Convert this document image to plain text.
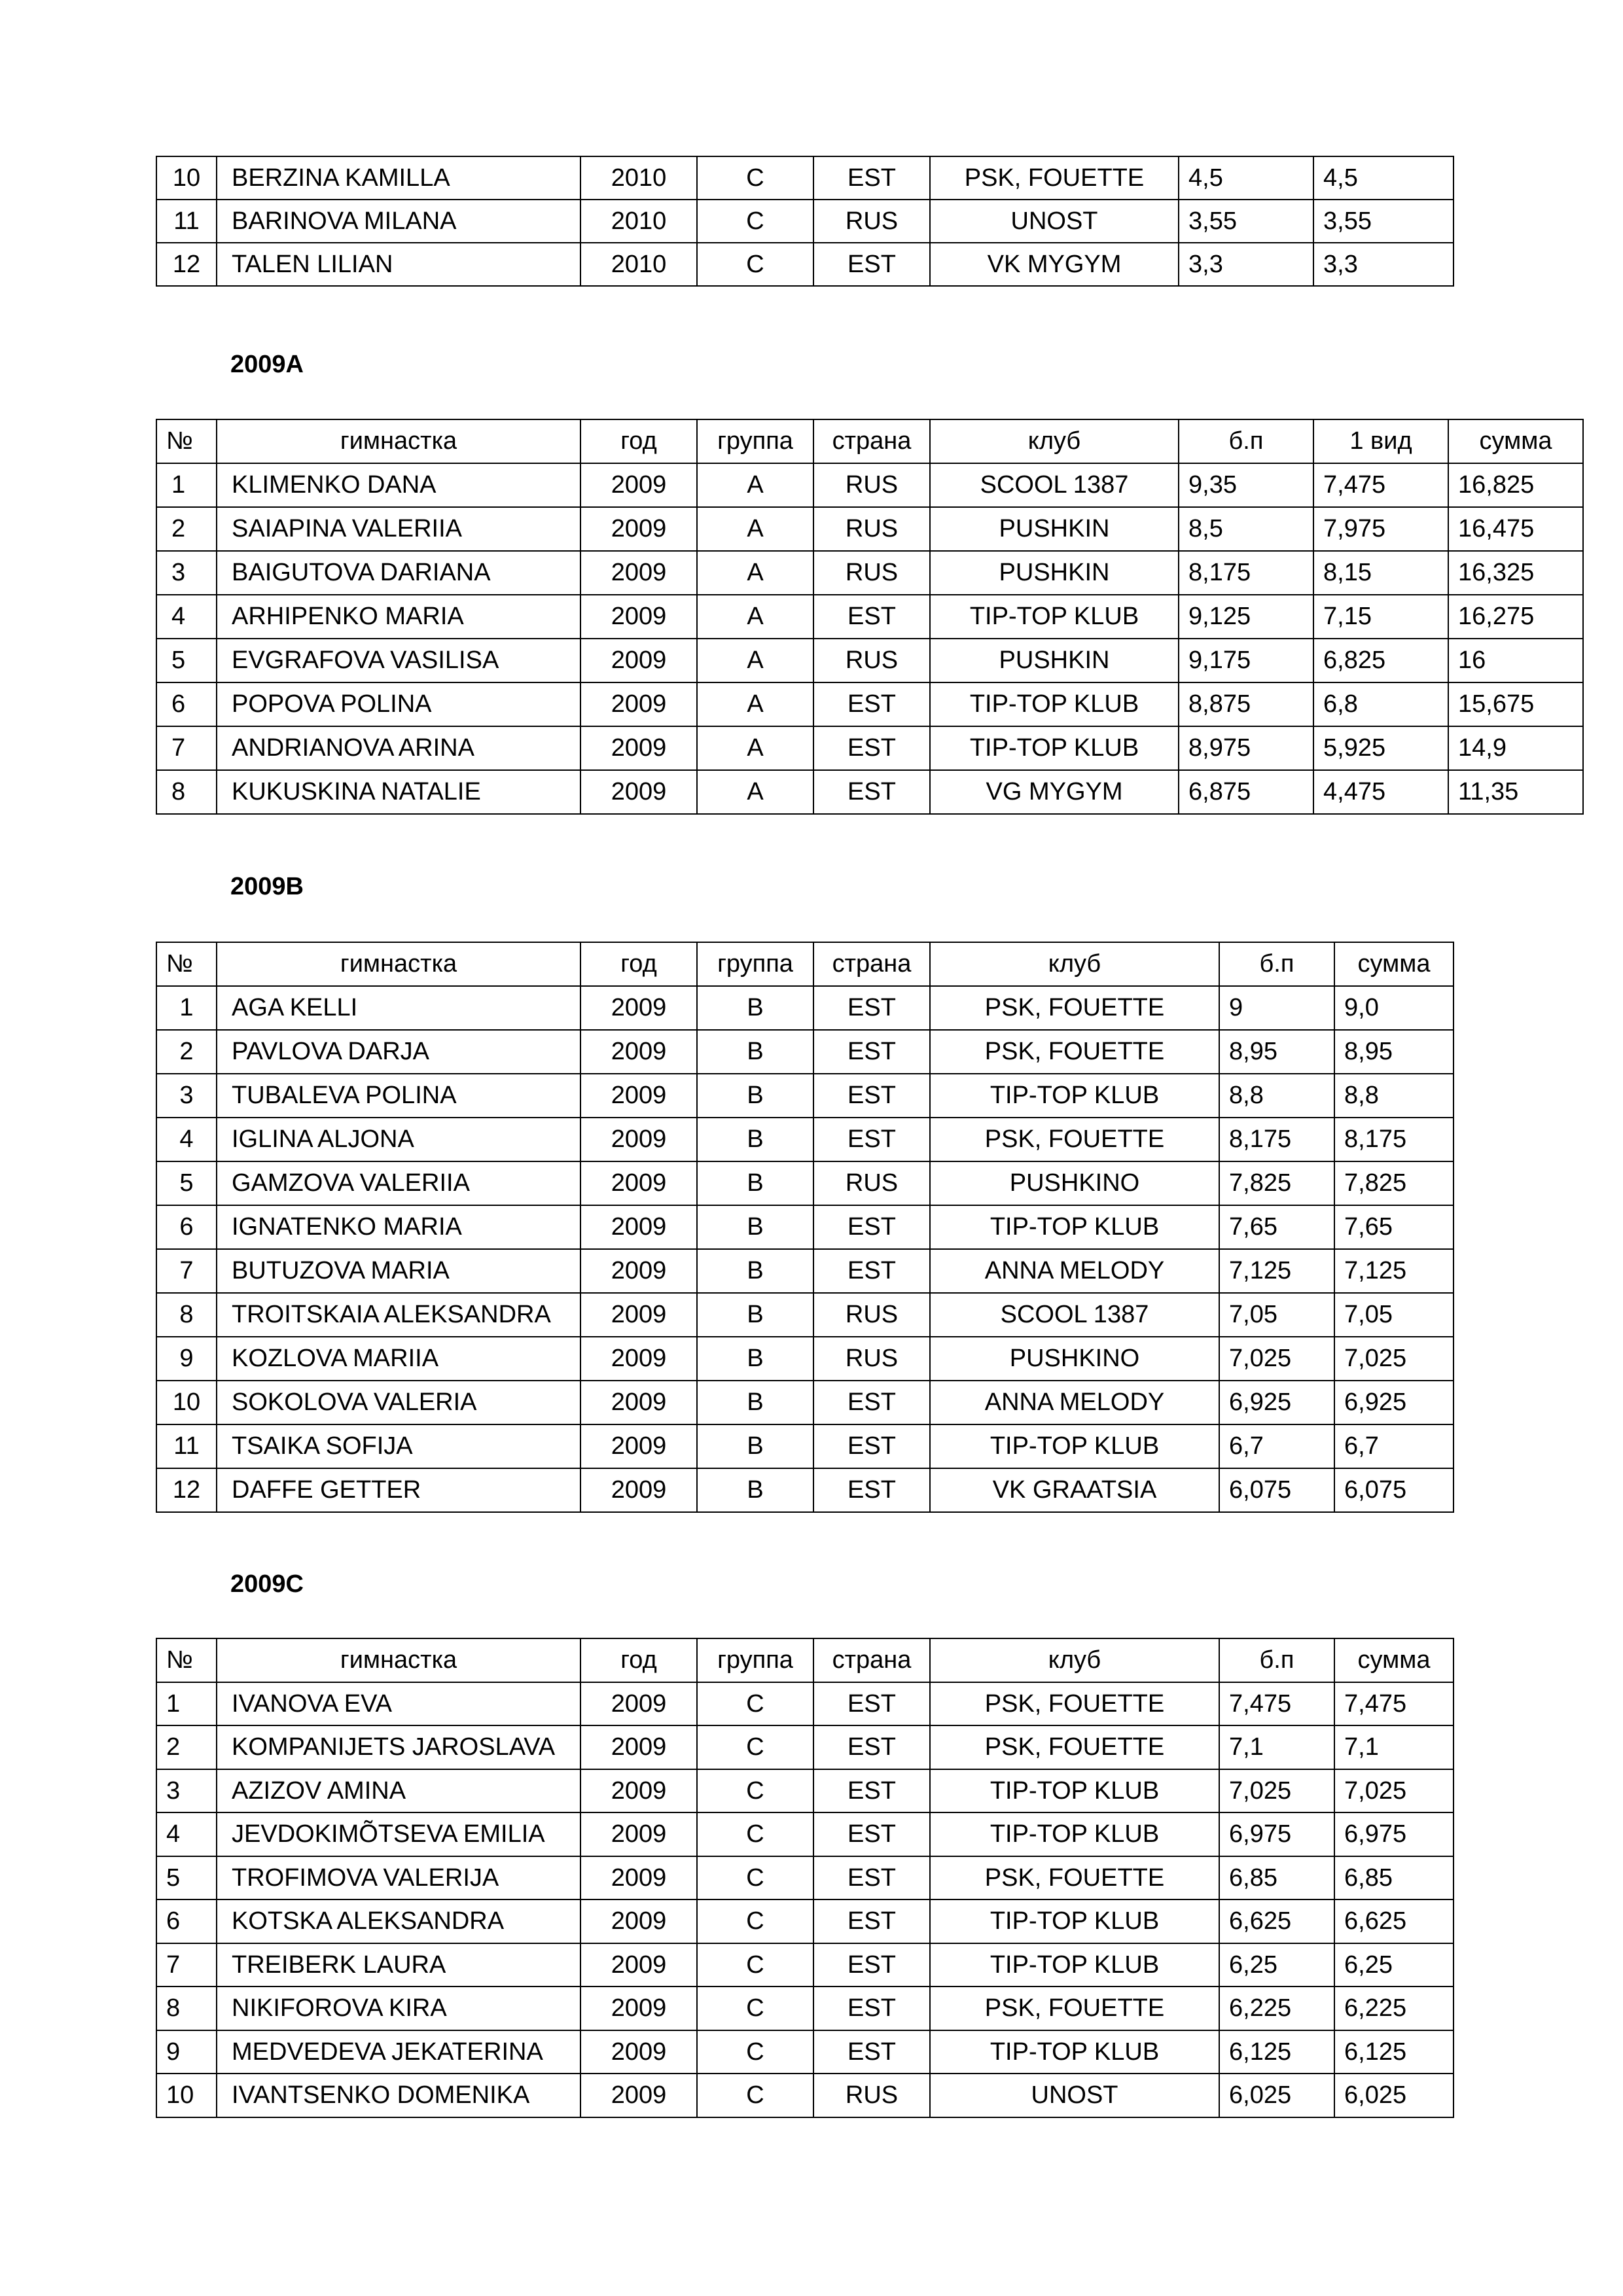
10	BERZINA KAMILLA	2010	C	EST	PSK, FOUETTE	4,5	4,5
11	BARINOVA MILANA	2010	C	RUS	UNOST	3,55	3,55
12	TALEN LILIAN	2010	C	EST	VK MYGYM	3,3	3,3
2009A
№	гимнастка	год	группа	страна	клуб	б.п	1 вид	сумма
1	KLIMENKO DANA	2009	A	RUS	SCOOL 1387	9,35	7,475	16,825
2	SAIAPINA VALERIIA	2009	A	RUS	PUSHKIN	8,5	7,975	16,475
3	BAIGUTOVA DARIANA	2009	A	RUS	PUSHKIN	8,175	8,15	16,325
4	ARHIPENKO MARIA	2009	A	EST	TIP-TOP KLUB	9,125	7,15	16,275
5	EVGRAFOVA VASILISA	2009	A	RUS	PUSHKIN	9,175	6,825	16
6	POPOVA POLINA	2009	A	EST	TIP-TOP KLUB	8,875	6,8	15,675
7	ANDRIANOVA ARINA	2009	A	EST	TIP-TOP KLUB	8,975	5,925	14,9
8	KUKUSKINA NATALIE	2009	A	EST	VG MYGYM	6,875	4,475	11,35
2009B
№	гимнастка	год	группа	страна	клуб	б.п	сумма
1	AGA KELLI	2009	B	EST	PSK, FOUETTE	9	9,0
2	PAVLOVA DARJA	2009	B	EST	PSK, FOUETTE	8,95	8,95
3	TUBALEVA POLINA	2009	B	EST	TIP-TOP KLUB	8,8	8,8
4	IGLINA ALJONA	2009	B	EST	PSK, FOUETTE	8,175	8,175
5	GAMZOVA VALERIIA	2009	B	RUS	PUSHKINO	7,825	7,825
6	IGNATENKO MARIA	2009	B	EST	TIP-TOP KLUB	7,65	7,65
7	BUTUZOVA MARIA	2009	B	EST	ANNA MELODY	7,125	7,125
8	TROITSKAIA ALEKSANDRA	2009	B	RUS	SCOOL 1387	7,05	7,05
9	KOZLOVA MARIIA	2009	B	RUS	PUSHKINO	7,025	7,025
10	SOKOLOVA VALERIA	2009	B	EST	ANNA MELODY	6,925	6,925
11	TSAIKA SOFIJA	2009	B	EST	TIP-TOP KLUB	6,7	6,7
12	DAFFE GETTER	2009	B	EST	VK GRAATSIA	6,075	6,075
2009C
№	гимнастка	год	группа	страна	клуб	б.п	сумма
1	IVANOVA EVA	2009	C	EST	PSK, FOUETTE	7,475	7,475
2	KOMPANIJETS JAROSLAVA	2009	C	EST	PSK, FOUETTE	7,1	7,1
3	AZIZOV AMINA	2009	C	EST	TIP-TOP KLUB	7,025	7,025
4	JEVDOKIMÕTSEVA EMILIA	2009	C	EST	TIP-TOP KLUB	6,975	6,975
5	TROFIMOVA VALERIJA	2009	C	EST	PSK, FOUETTE	6,85	6,85
6	KOTSKA ALEKSANDRA	2009	C	EST	TIP-TOP KLUB	6,625	6,625
7	TREIBERK LAURA	2009	C	EST	TIP-TOP KLUB	6,25	6,25
8	NIKIFOROVA KIRA	2009	C	EST	PSK, FOUETTE	6,225	6,225
9	MEDVEDEVA JEKATERINA	2009	C	EST	TIP-TOP KLUB	6,125	6,125
10	IVANTSENKO DOMENIKA	2009	C	RUS	UNOST	6,025	6,025
